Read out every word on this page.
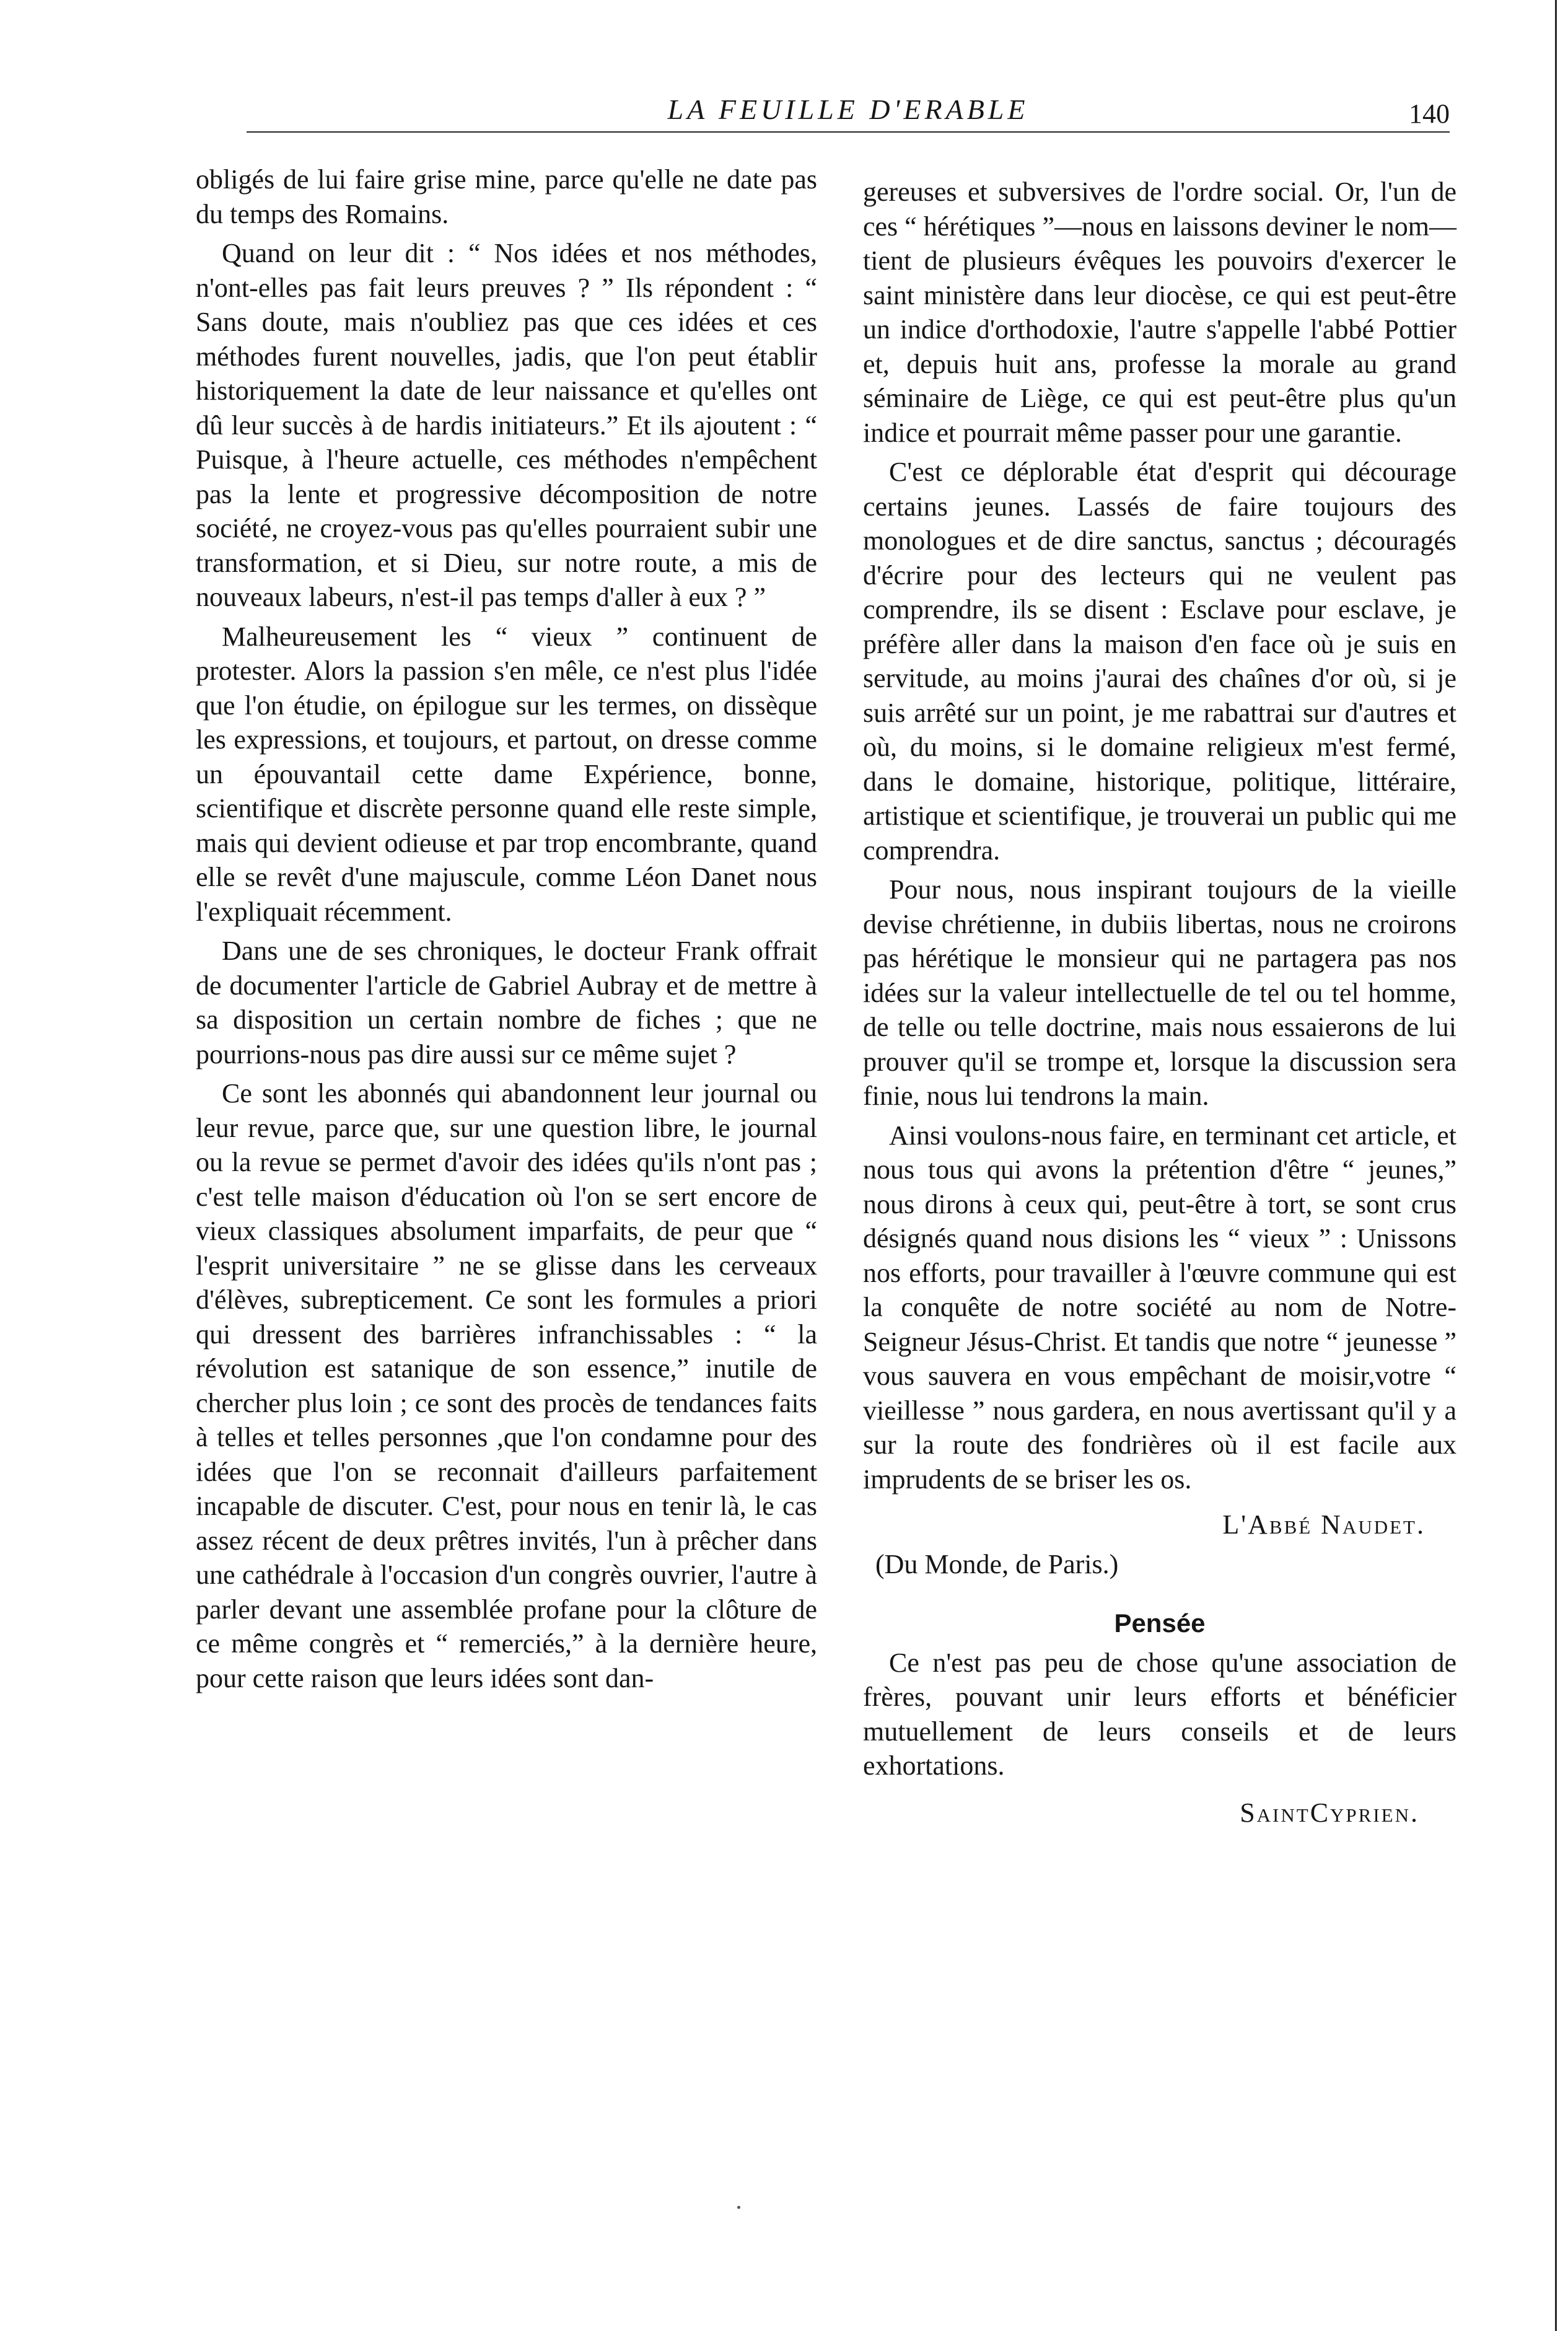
LA FEUILLE D'ERABLE	140

obligés de lui faire grise mine, parce qu'elle ne date pas du temps des Romains.

Quand on leur dit : “ Nos idées et nos méthodes, n'ont-elles pas fait leurs preuves ? ” Ils répondent : “ Sans doute, mais n'oubliez pas que ces idées et ces méthodes furent nouvelles, jadis, que l'on peut établir historiquement la date de leur naissance et qu'elles ont dû leur succès à de hardis initiateurs.” Et ils ajoutent : “ Puisque, à l'heure actuelle, ces méthodes n'empêchent pas la lente et progressive décomposition de notre société, ne croyez-vous pas qu'elles pourraient subir une transformation, et si Dieu, sur notre route, a mis de nouveaux labeurs, n'est-il pas temps d'aller à eux ? ”

Malheureusement les “ vieux ” continuent de protester. Alors la passion s'en mêle, ce n'est plus l'idée que l'on étudie, on épilogue sur les termes, on dissèque les expressions, et toujours, et partout, on dresse comme un épouvantail cette dame Expérience, bonne, scientifique et discrète personne quand elle reste simple, mais qui devient odieuse et par trop encombrante, quand elle se revêt d'une majuscule, comme Léon Danet nous l'expliquait récemment.

Dans une de ses chroniques, le docteur Frank offrait de documenter l'article de Gabriel Aubray et de mettre à sa disposition un certain nombre de fiches ; que ne pourrions-nous pas dire aussi sur ce même sujet ?

Ce sont les abonnés qui abandonnent leur journal ou leur revue, parce que, sur une question libre, le journal ou la revue se permet d'avoir des idées qu'ils n'ont pas ; c'est telle maison d'éducation où l'on se sert encore de vieux classiques absolument imparfaits, de peur que “ l'esprit universitaire ” ne se glisse dans les cerveaux d'élèves, subrepticement. Ce sont les formules a priori qui dressent des barrières infranchissables : “ la révolution est satanique de son essence,” inutile de chercher plus loin ; ce sont des procès de tendances faits à telles et telles personnes ,que l'on condamne pour des idées que l'on se reconnait d'ailleurs parfaitement incapable de discuter. C'est, pour nous en tenir là, le cas assez récent de deux prêtres invités, l'un à prêcher dans une cathédrale à l'occasion d'un congrès ouvrier, l'autre à parler devant une assemblée profane pour la clôture de ce même congrès et “ remerciés,” à la dernière heure, pour cette raison que leurs idées sont dan-

gereuses et subversives de l'ordre social. Or, l'un de ces “ hérétiques ”—nous en laissons deviner le nom—tient de plusieurs évêques les pouvoirs d'exercer le saint ministère dans leur diocèse, ce qui est peut-être un indice d'orthodoxie, l'autre s'appelle l'abbé Pottier et, depuis huit ans, professe la morale au grand séminaire de Liège, ce qui est peut-être plus qu'un indice et pourrait même passer pour une garantie.

C'est ce déplorable état d'esprit qui décourage certains jeunes. Lassés de faire toujours des monologues et de dire sanctus, sanctus ; découragés d'écrire pour des lecteurs qui ne veulent pas comprendre, ils se disent : Esclave pour esclave, je préfère aller dans la maison d'en face où je suis en servitude, au moins j'aurai des chaînes d'or où, si je suis arrêté sur un point, je me rabattrai sur d'autres et où, du moins, si le domaine religieux m'est fermé, dans le domaine, historique, politique, littéraire, artistique et scientifique, je trouverai un public qui me comprendra.

Pour nous, nous inspirant toujours de la vieille devise chrétienne, in dubiis libertas, nous ne croirons pas hérétique le monsieur qui ne partagera pas nos idées sur la valeur intellectuelle de tel ou tel homme, de telle ou telle doctrine, mais nous essaierons de lui prouver qu'il se trompe et, lorsque la discussion sera finie, nous lui tendrons la main.

Ainsi voulons-nous faire, en terminant cet article, et nous tous qui avons la prétention d'être “ jeunes,” nous dirons à ceux qui, peut-être à tort, se sont crus désignés quand nous disions les “ vieux ” : Unissons nos efforts, pour travailler à l'œuvre commune qui est la conquête de notre société au nom de Notre-Seigneur Jésus-Christ. Et tandis que notre “ jeunesse ” vous sauvera en vous empêchant de moisir,votre “ vieillesse ” nous gardera, en nous avertissant qu'il y a sur la route des fondrières où il est facile aux imprudents de se briser les os.

L'Abbé Naudet.

(Du Monde, de Paris.)

Pensée

Ce n'est pas peu de chose qu'une association de frères, pouvant unir leurs efforts et bénéficier mutuellement de leurs conseils et de leurs exhortations.

SaintCyprien.
